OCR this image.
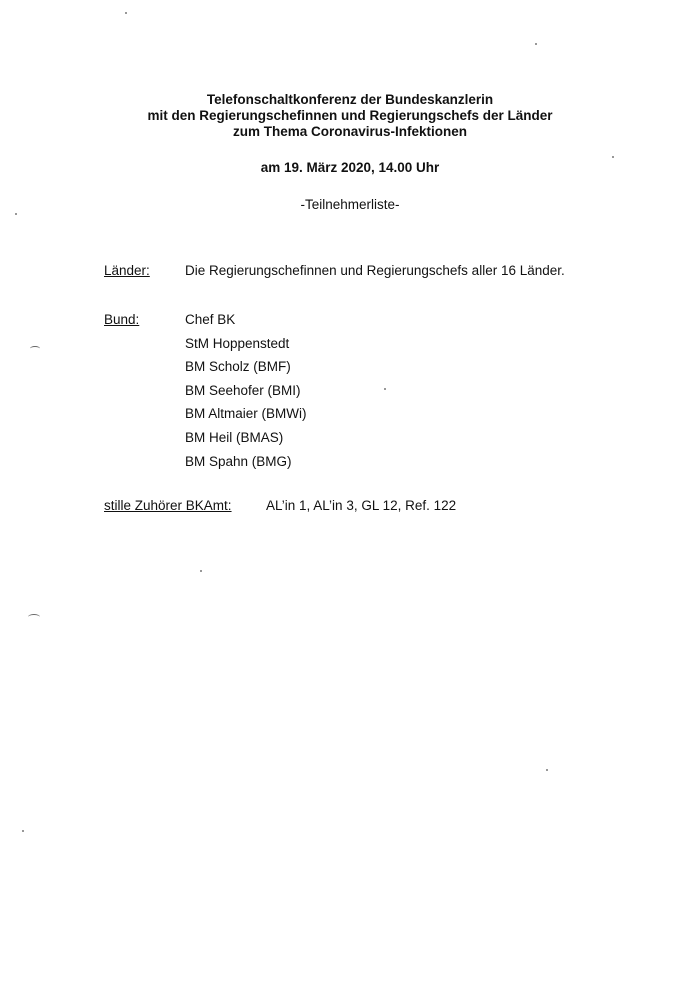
Telefonschaltkonferenz der Bundeskanzlerin
mit den Regierungschefinnen und Regierungschefs der Länder
zum Thema Coronavirus-Infektionen
am 19. März 2020, 14.00 Uhr
-Teilnehmerliste-
Länder:	Die Regierungschefinnen und Regierungschefs aller 16 Länder.
Bund:	Chef BK
StM Hoppenstedt
BM Scholz (BMF)
BM Seehofer (BMI)
BM Altmaier (BMWi)
BM Heil (BMAS)
BM Spahn (BMG)
stille Zuhörer BKAmt:	AL’in 1, AL’in 3, GL 12, Ref. 122
